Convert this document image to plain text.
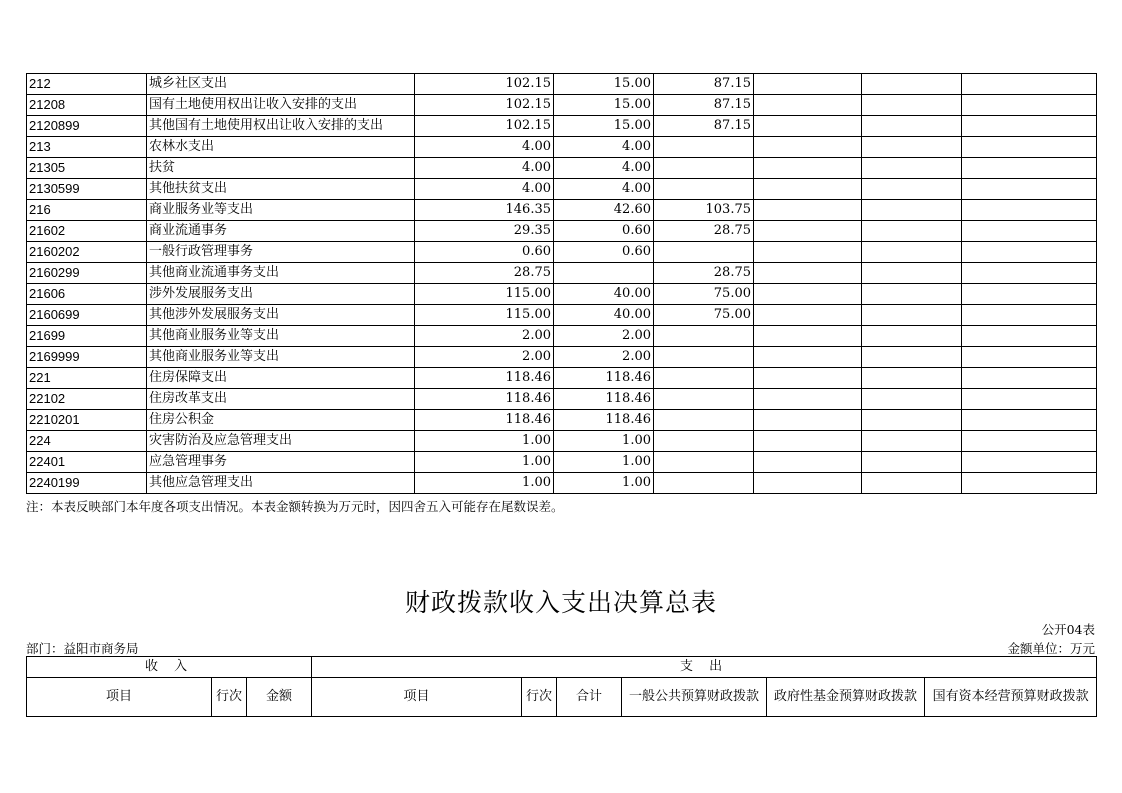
212	城乡社区支出	102.15	15.00	87.15			
21208	国有土地使用权出让收入安排的支出	102.15	15.00	87.15			
2120899	其他国有土地使用权出让收入安排的支出	102.15	15.00	87.15			
213	农林水支出	4.00	4.00				
21305	扶贫	4.00	4.00				
2130599	其他扶贫支出	4.00	4.00				
216	商业服务业等支出	146.35	42.60	103.75			
21602	商业流通事务	29.35	0.60	28.75			
2160202	一般行政管理事务	0.60	0.60				
2160299	其他商业流通事务支出	28.75		28.75			
21606	涉外发展服务支出	115.00	40.00	75.00			
2160699	其他涉外发展服务支出	115.00	40.00	75.00			
21699	其他商业服务业等支出	2.00	2.00				
2169999	其他商业服务业等支出	2.00	2.00				
221	住房保障支出	118.46	118.46				
22102	住房改革支出	118.46	118.46				
2210201	住房公积金	118.46	118.46				
224	灾害防治及应急管理支出	1.00	1.00				
22401	应急管理事务	1.00	1.00				
2240199	其他应急管理支出	1.00	1.00				
注：本表反映部门本年度各项支出情况。本表金额转换为万元时，因四舍五入可能存在尾数误差。
财政拨款收入支出决算总表
公开04表
部门：益阳市商务局	金额单位：万元
收 入			支 出					
项目	行次	金额	项目	行次	合计	一般公共预算财政拨款	政府性基金预算财政拨款	国有资本经营预算财政拨款
